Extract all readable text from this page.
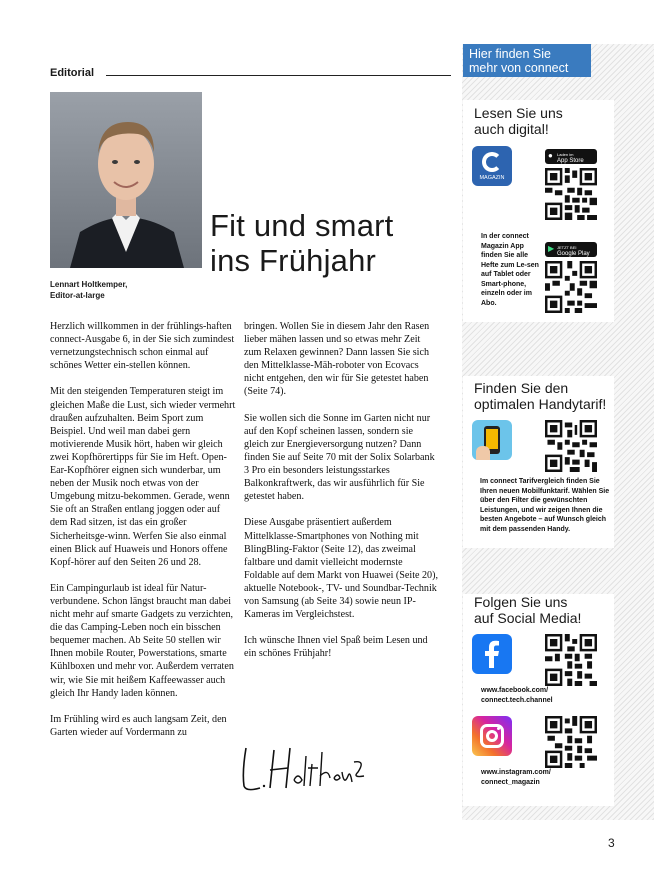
Editorial
Lennart Holtkemper,
Editor-at-large
Fit und smart
ins Frühjahr

Herzlich willkommen in der frühlings-haften connect-Ausgabe 6, in der Sie sich zumindest vernetzungstechnisch schon einmal auf schönes Wetter ein-stellen können.

Mit den steigenden Temperaturen steigt im gleichen Maße die Lust, sich wieder vermehrt draußen aufzuhalten. Beim Sport zum Beispiel. Und weil man dabei gern motivierende Musik hört, haben wir gleich zwei Kopfhörertipps für Sie im Heft. Open-Ear-Kopfhörer eignen sich wunderbar, um neben der Musik noch etwas von der Umgebung mitzu-bekommen. Gerade, wenn Sie oft an Straßen entlang joggen oder auf dem Rad sitzen, ist das ein großer Sicherheitsge-winn. Werfen Sie also einmal einen Blick auf Huaweis und Honors offene Kopf-hörer auf den Seiten 26 und 28.

Ein Campingurlaub ist ideal für Natur-verbundene. Schon längst braucht man dabei nicht mehr auf smarte Gadgets zu verzichten, die das Camping-Leben noch ein bisschen bequemer machen. Ab Seite 50 stellen wir Ihnen mobile Router, Powerstations, smarte Kühlboxen und mehr vor. Außerdem verraten wir, wie Sie mit heißem Kaffeewasser auch gleich Ihr Handy laden können.

Im Frühling wird es auch langsam Zeit, den Garten wieder auf Vordermann zu

bringen. Wollen Sie in diesem Jahr den Rasen lieber mähen lassen und so etwas mehr Zeit zum Relaxen gewinnen? Dann lassen Sie sich den Mittelklasse-Mäh-roboter von Ecovacs nicht entgehen, den wir für Sie getestet haben (Seite 74).

Sie wollen sich die Sonne im Garten nicht nur auf den Kopf scheinen lassen, sondern sie gleich zur Energieversorgung nutzen? Dann finden Sie auf Seite 70 mit der Solix Solarbank 3 Pro ein besonders leistungsstarkes Balkonkraftwerk, das wir ausführlich für Sie getestet haben.

Diese Ausgabe präsentiert außerdem Mittelklasse-Smartphones von Nothing mit BlingBling-Faktor (Seite 12), das zweimal faltbare und damit vielleicht modernste Foldable auf dem Markt von Huawei (Seite 20), aktuelle Notebook-, TV- und Soundbar-Technik von Samsung (ab Seite 34) sowie neun IP-Kameras im Vergleichstest.

Ich wünsche Ihnen viel Spaß beim Lesen und ein schönes Frühjahr!

Hier finden Sie
mehr von connect
Lesen Sie uns
auch digital!
MAGAZIN
● Laden im
App Store
In der connect Magazin App finden Sie alle Hefte zum Le-sen auf Tablet oder Smart-phone, einzeln oder im Abo.
▶ JETZT BEI
Google Play
Finden Sie den
optimalen Handytarif!
Im connect Tarifvergleich finden Sie Ihren neuen Mobilfunktarif. Wählen Sie über den Filter die gewünschten Leistungen, und wir zeigen Ihnen die besten Angebote – auf Wunsch gleich mit dem passenden Handy.
Folgen Sie uns
auf Social Media!
www.facebook.com/
connect.tech.channel
www.instagram.com/
connect_magazin
3
